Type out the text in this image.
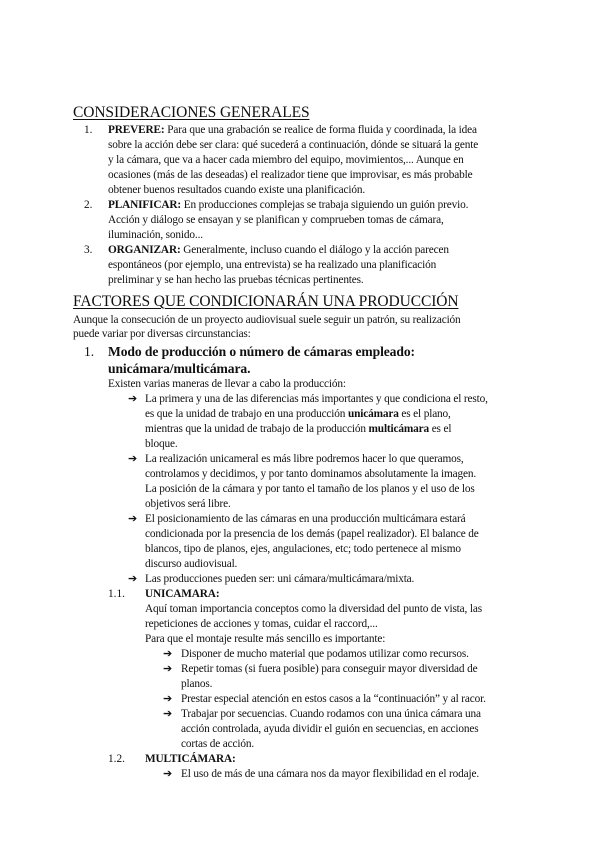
CONSIDERACIONES GENERALES
1. PREVERE: Para que una grabación se realice de forma fluida y coordinada, la idea
sobre la acción debe ser clara: qué sucederá a continuación, dónde se situará la gente
y la cámara, que va a hacer cada miembro del equipo, movimientos,... Aunque en
ocasiones (más de las deseadas) el realizador tiene que improvisar, es más probable
obtener buenos resultados cuando existe una planificación.
2. PLANIFICAR: En producciones complejas se trabaja siguiendo un guión previo.
Acción y diálogo se ensayan y se planifican y comprueben tomas de cámara,
iluminación, sonido...
3. ORGANIZAR: Generalmente, incluso cuando el diálogo y la acción parecen
espontáneos (por ejemplo, una entrevista) se ha realizado una planificación
preliminar y se han hecho las pruebas técnicas pertinentes.
FACTORES QUE CONDICIONARÁN UNA PRODUCCIÓN
Aunque la consecución de un proyecto audiovisual suele seguir un patrón, su realización
puede variar por diversas circunstancias:
1. Modo de producción o número de cámaras empleado:
unicámara/multicámara.
Existen varias maneras de llevar a cabo la producción:
➔ La primera y una de las diferencias más importantes y que condiciona el resto,
es que la unidad de trabajo en una producción unicámara es el plano,
mientras que la unidad de trabajo de la producción multicámara es el
bloque.
➔ La realización unicameral es más libre podremos hacer lo que queramos,
controlamos y decidimos, y por tanto dominamos absolutamente la imagen.
La posición de la cámara y por tanto el tamaño de los planos y el uso de los
objetivos será libre.
➔ El posicionamiento de las cámaras en una producción multicámara estará
condicionada por la presencia de los demás (papel realizador). El balance de
blancos, tipo de planos, ejes, angulaciones, etc; todo pertenece al mismo
discurso audiovisual.
➔ Las producciones pueden ser: uni cámara/multicámara/mixta.
1.1. UNICAMARA:
Aquí toman importancia conceptos como la diversidad del punto de vista, las
repeticiones de acciones y tomas, cuidar el raccord,...
Para que el montaje resulte más sencillo es importante:
➔ Disponer de mucho material que podamos utilizar como recursos.
➔ Repetir tomas (si fuera posible) para conseguir mayor diversidad de
planos.
➔ Prestar especial atención en estos casos a la “continuación” y al racor.
➔ Trabajar por secuencias. Cuando rodamos con una única cámara una
acción controlada, ayuda dividir el guión en secuencias, en acciones
cortas de acción.
1.2. MULTICÁMARA:
➔ El uso de más de una cámara nos da mayor flexibilidad en el rodaje.
